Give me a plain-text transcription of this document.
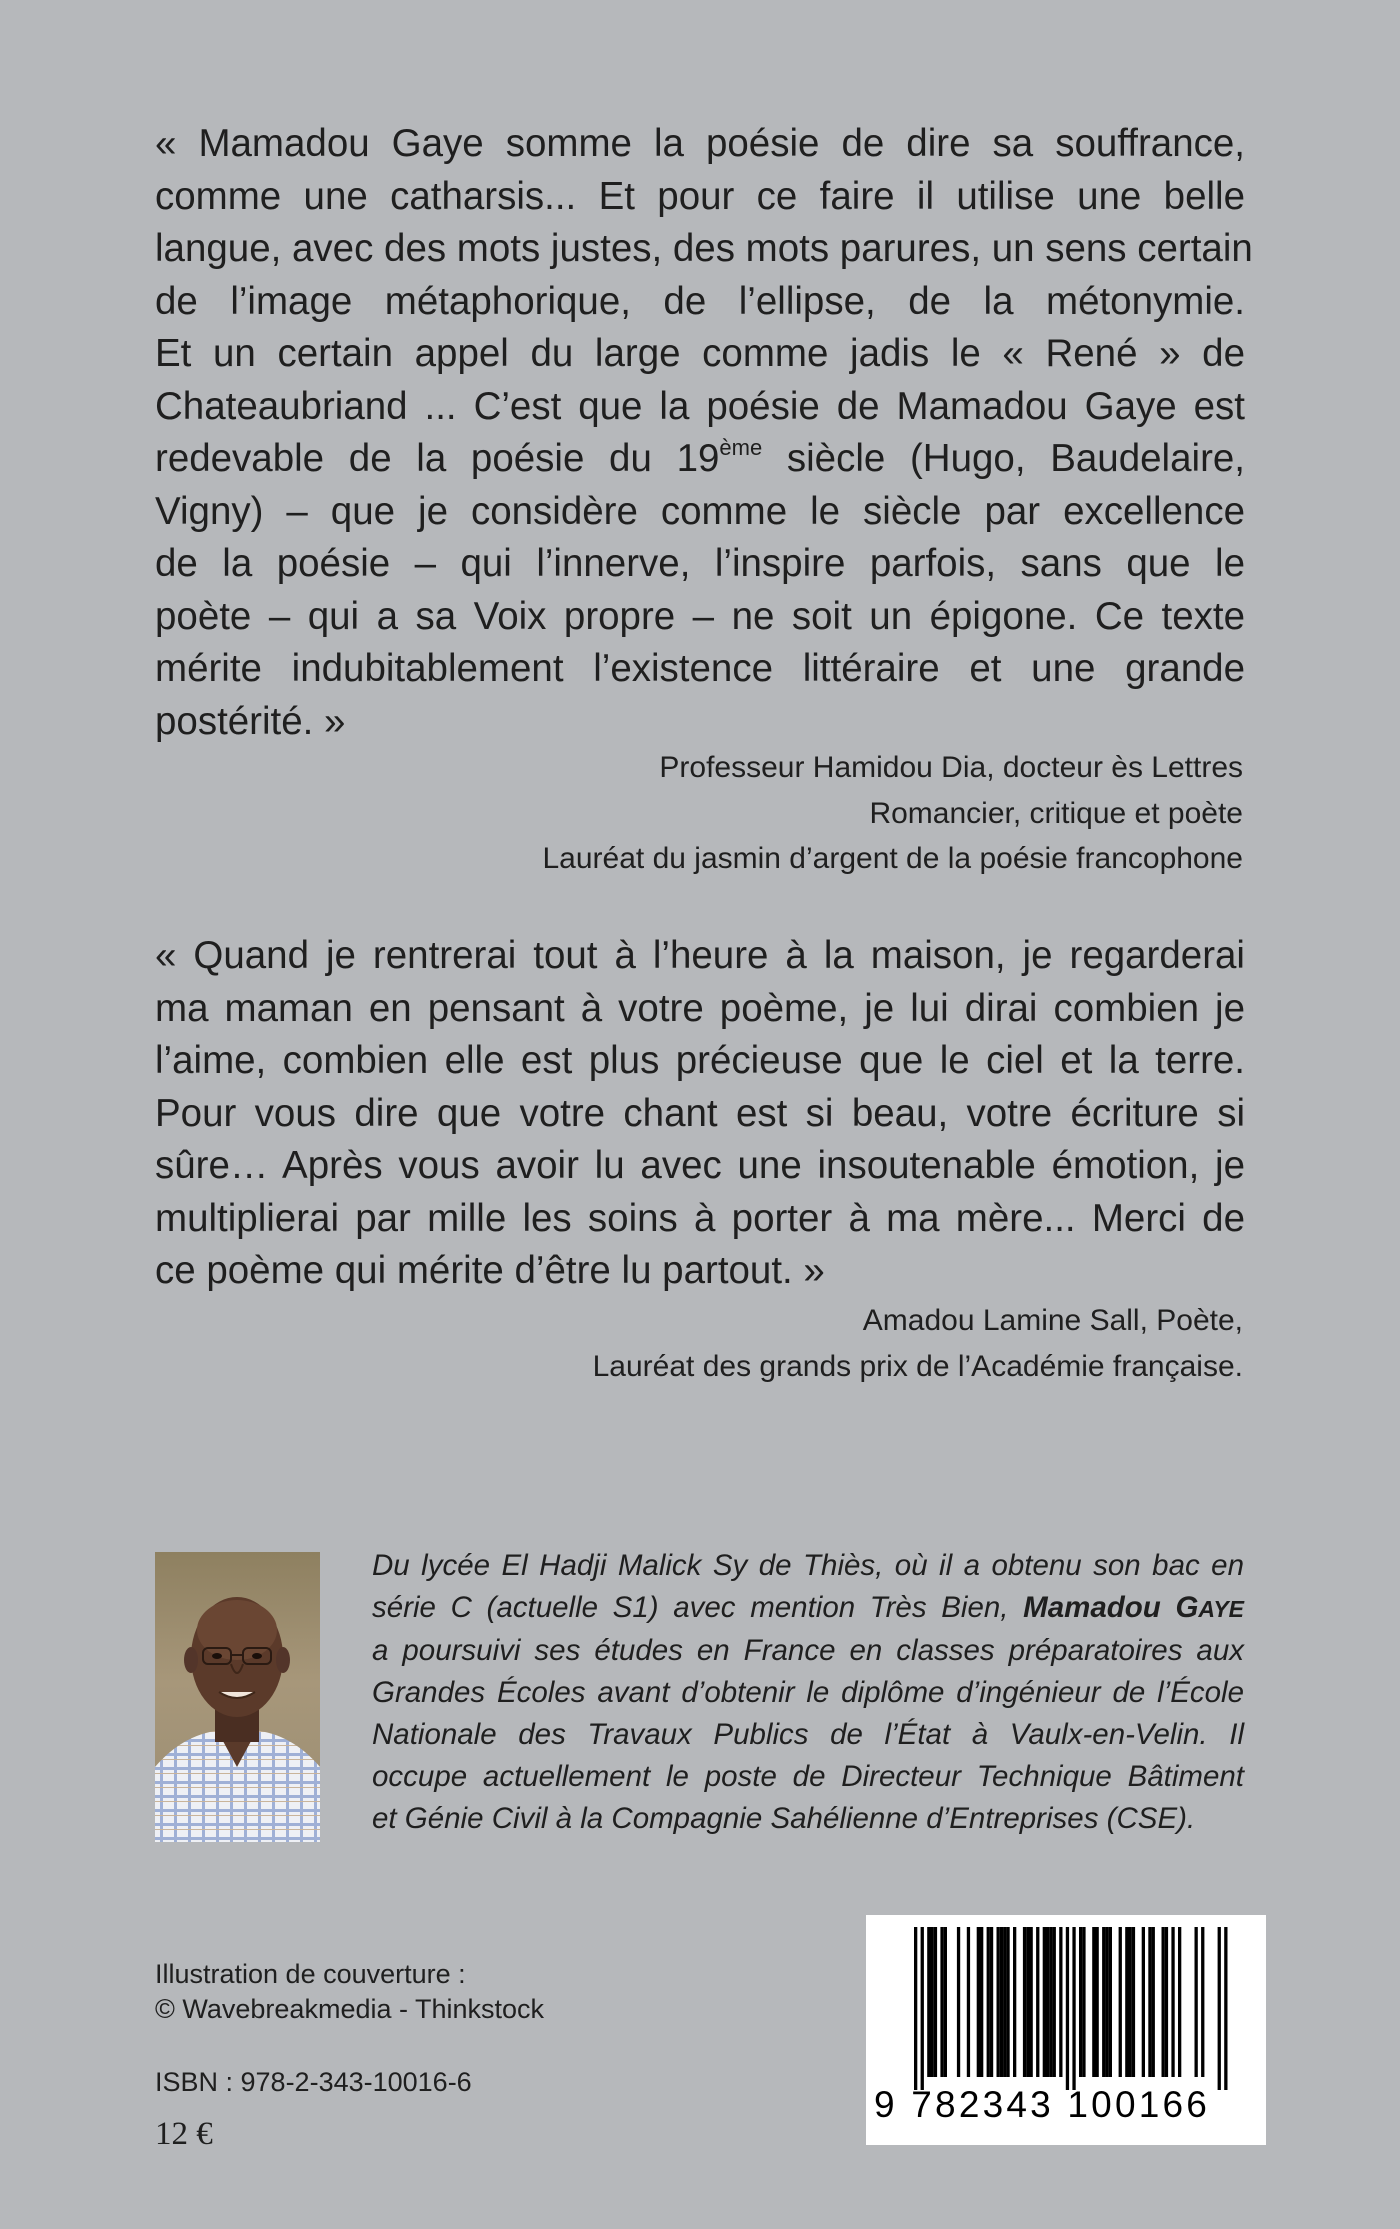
« Mamadou Gaye somme la poésie de dire sa souffrance,
comme une catharsis... Et pour ce faire il utilise une belle
langue, avec des mots justes, des mots parures, un sens certain
de l’image métaphorique, de l’ellipse, de la métonymie.
Et un certain appel du large comme jadis le « René » de
Chateaubriand ... C’est que la poésie de Mamadou Gaye est
redevable de la poésie du 19ème siècle (Hugo, Baudelaire,
Vigny) – que je considère comme le siècle par excellence
de la poésie – qui l’innerve, l’inspire parfois, sans que le
poète – qui a sa Voix propre – ne soit un épigone. Ce texte
mérite indubitablement l’existence littéraire et une grande
postérité. »
Professeur Hamidou Dia, docteur ès Lettres
Romancier, critique et poète
Lauréat du jasmin d’argent de la poésie francophone
« Quand je rentrerai tout à l’heure à la maison, je regarderai
ma maman en pensant à votre poème, je lui dirai combien je
l’aime, combien elle est plus précieuse que le ciel et la terre.
Pour vous dire que votre chant est si beau, votre écriture si
sûre… Après vous avoir lu avec une insoutenable émotion, je
multiplierai par mille les soins à porter à ma mère... Merci de
ce poème qui mérite d’être lu partout. »
Amadou Lamine Sall, Poète,
Lauréat des grands prix de l’Académie française.
Du lycée El Hadji Malick Sy de Thiès, où il a obtenu son bac en
série C (actuelle S1) avec mention Très Bien, Mamadou GAYE
a poursuivi ses études en France en classes préparatoires aux
Grandes Écoles avant d’obtenir le diplôme d’ingénieur de l’École
Nationale des Travaux Publics de l’État à Vaulx-en-Velin. Il
occupe actuellement le poste de Directeur Technique Bâtiment
et Génie Civil à la Compagnie Sahélienne d’Entreprises (CSE).
Illustration de couverture :
© Wavebreakmedia - Thinkstock
ISBN : 978-2-343-10016-6
12 €
9 782343 100166
